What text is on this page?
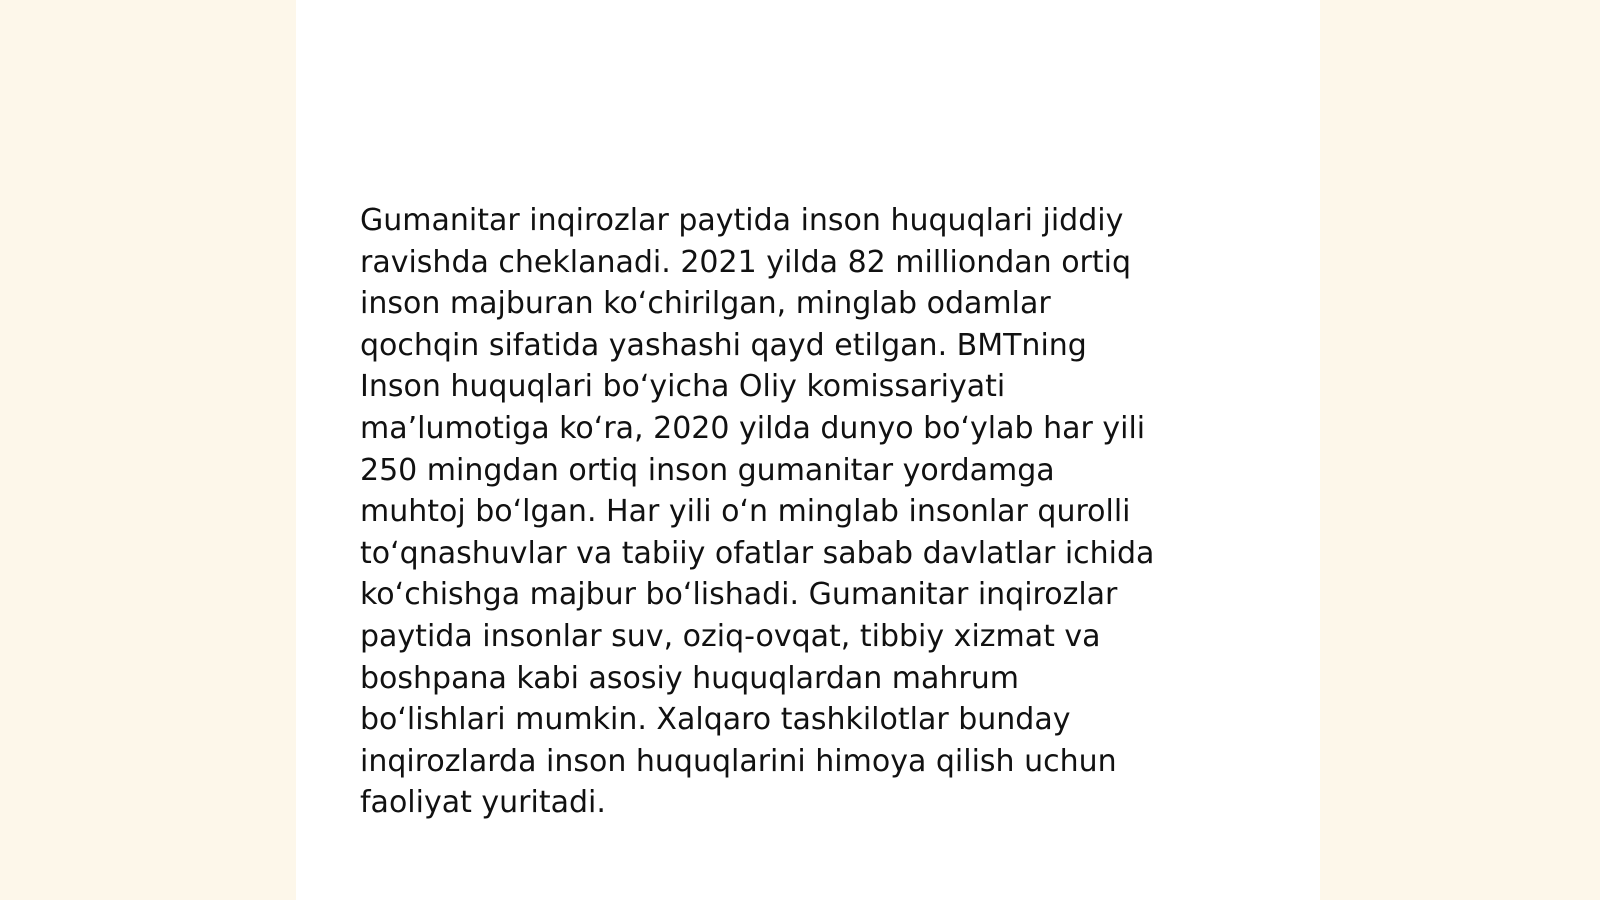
Gumanitar inqirozlar paytida inson huquqlari jiddiy
ravishda cheklanadi. 2021 yilda 82 milliondan ortiq
inson majburan ko‘chirilgan, minglab odamlar
qochqin sifatida yashashi qayd etilgan. BMTning
Inson huquqlari bo‘yicha Oliy komissariyati
ma’lumotiga ko‘ra, 2020 yilda dunyo bo‘ylab har yili
250 mingdan ortiq inson gumanitar yordamga
muhtoj bo‘lgan. Har yili o‘n minglab insonlar qurolli
to‘qnashuvlar va tabiiy ofatlar sabab davlatlar ichida
ko‘chishga majbur bo‘lishadi. Gumanitar inqirozlar
paytida insonlar suv, oziq-ovqat, tibbiy xizmat va
boshpana kabi asosiy huquqlardan mahrum
bo‘lishlari mumkin. Xalqaro tashkilotlar bunday
inqirozlarda inson huquqlarini himoya qilish uchun
faoliyat yuritadi.
